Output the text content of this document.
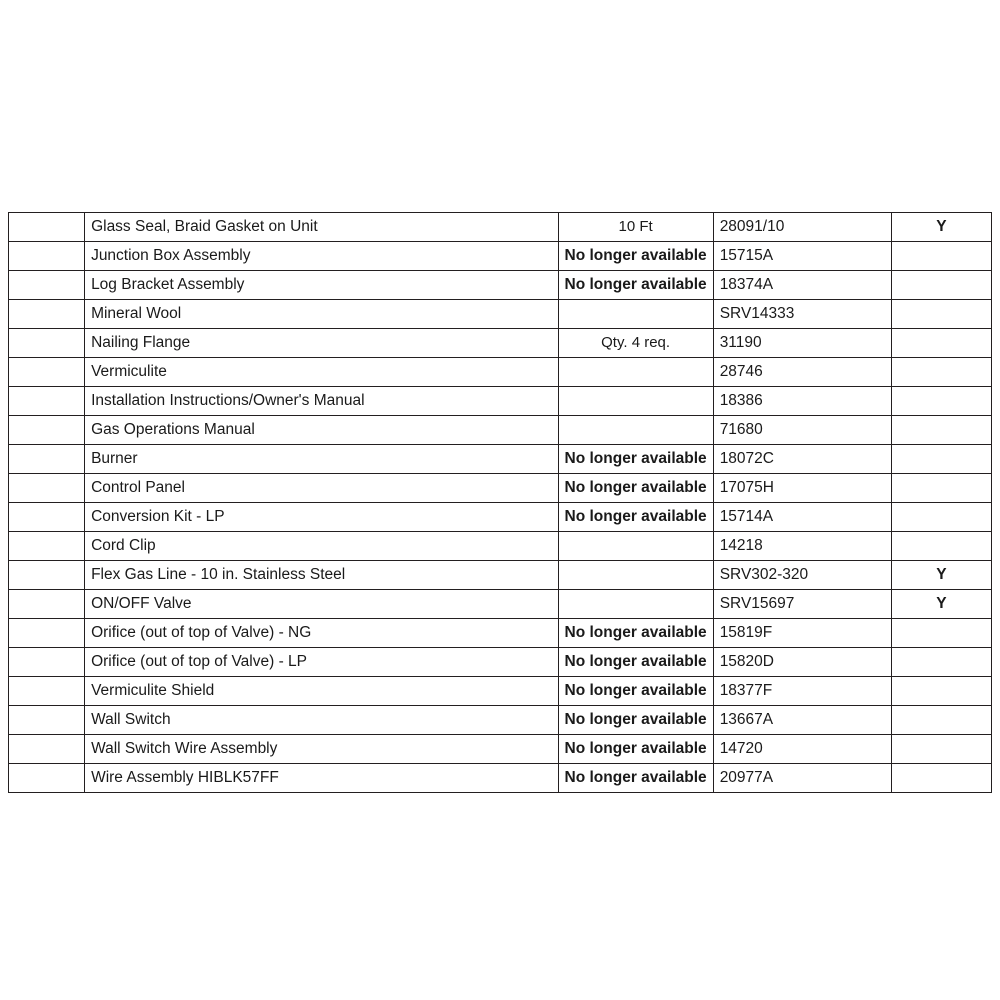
	Glass Seal, Braid Gasket on Unit	10 Ft	28091/10	Y
	Junction Box Assembly	No longer available	15715A	
	Log Bracket Assembly	No longer available	18374A	
	Mineral Wool		SRV14333	
	Nailing Flange	Qty. 4 req.	31190	
	Vermiculite		28746	
	Installation Instructions/Owner's Manual		18386	
	Gas Operations Manual		71680	
	Burner	No longer available	18072C	
	Control Panel	No longer available	17075H	
	Conversion Kit - LP	No longer available	15714A	
	Cord Clip		14218	
	Flex Gas Line - 10 in. Stainless Steel		SRV302-320	Y
	ON/OFF Valve		SRV15697	Y
	Orifice (out of top of Valve) - NG	No longer available	15819F	
	Orifice (out of top of Valve) - LP	No longer available	15820D	
	Vermiculite Shield	No longer available	18377F	
	Wall Switch	No longer available	13667A	
	Wall Switch Wire Assembly	No longer available	14720	
	Wire Assembly HIBLK57FF	No longer available	20977A	
